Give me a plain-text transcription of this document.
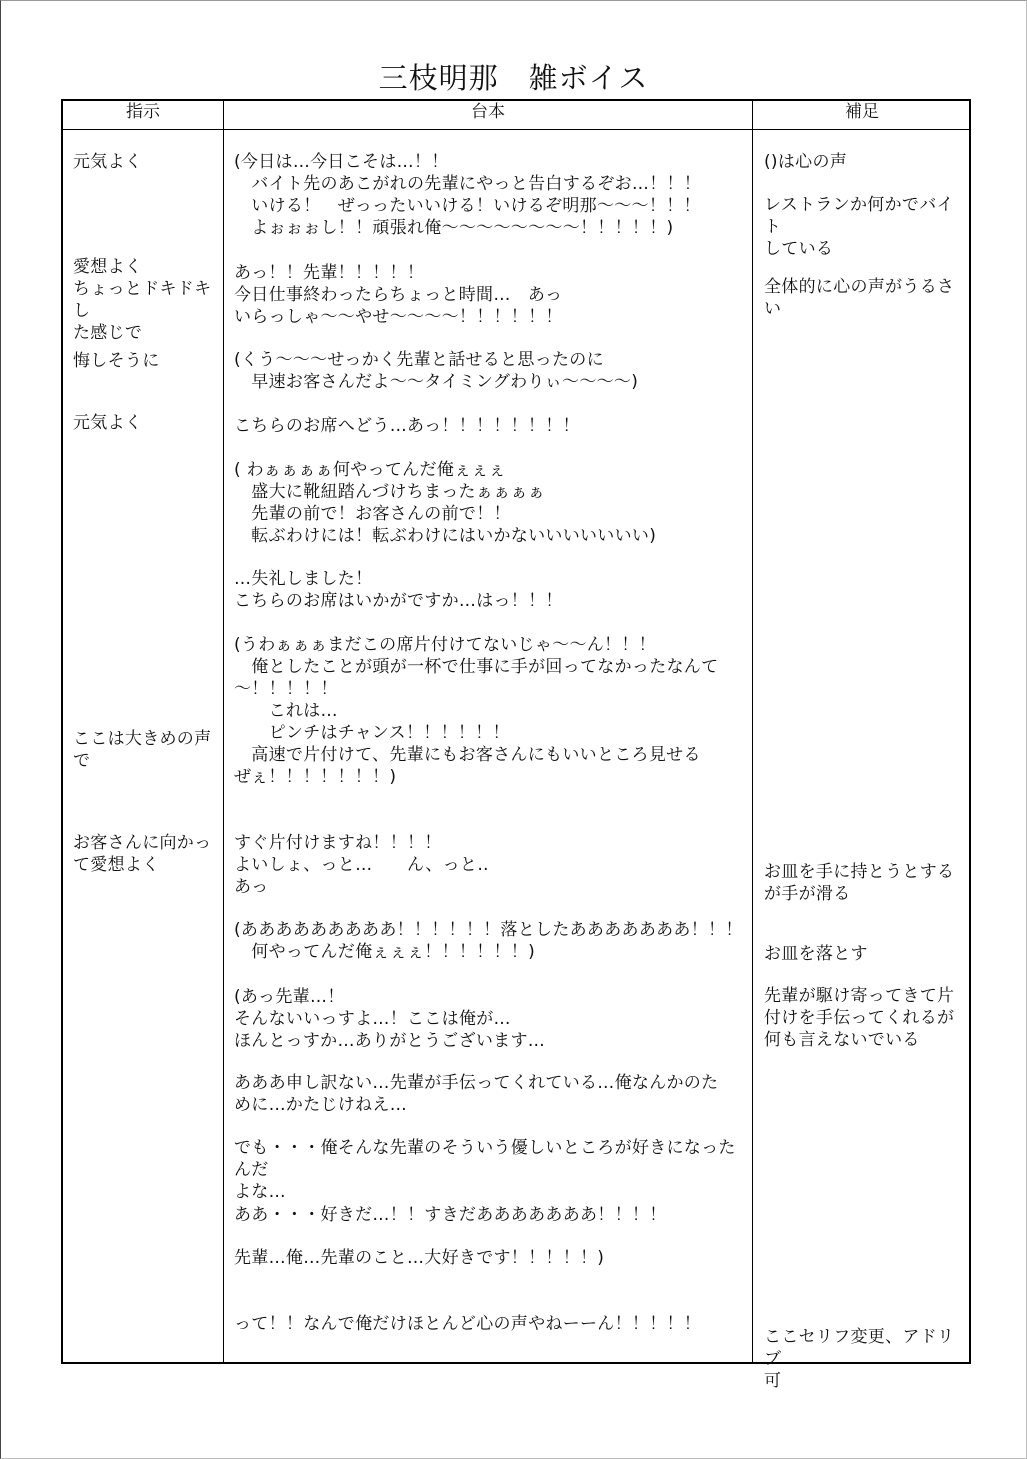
三枝明那　雑ボイス
指示	台本	補足
元気よく
愛想よく
ちょっとドキドキし
た感じで
悔しそうに
元気よく
ここは大きめの声
で
お客さんに向かっ
て愛想よく
(今日は…今日こそは…！！
　バイト先のあこがれの先輩にやっと告白するぞお…！！！
　いける！　ぜっったいいける！いけるぞ明那〜〜〜！！！
　よぉぉぉし！！頑張れ俺〜〜〜〜〜〜〜〜！！！！！)
あっ！！先輩！！！！！
今日仕事終わったらちょっと時間…　あっ
いらっしゃ〜〜やせ〜〜〜〜！！！！！！
(くう〜〜〜せっかく先輩と話せると思ったのに
　早速お客さんだよ〜〜タイミングわりぃ〜〜〜〜)
こちらのお席へどう…あっ！！！！！！！！
( わぁぁぁぁ何やってんだ俺ぇぇぇ
　盛大に靴紐踏んづけちまったぁぁぁぁ
　先輩の前で！お客さんの前で！！
　転ぶわけには！転ぶわけにはいかないいいいいいい)
…失礼しました！
こちらのお席はいかがですか…はっ！！！
(うわぁぁぁまだこの席片付けてないじゃ〜〜ん！！！
　俺としたことが頭が一杯で仕事に手が回ってなかったなんて
〜！！！！！
　　これは…
　　ピンチはチャンス！！！！！！
　高速で片付けて、先輩にもお客さんにもいいところ見せる
ぜぇ！！！！！！！)
すぐ片付けますね！！！！
よいしょ、っと…　　ん、っと‥
あっ
(あああああああああ！！！！！！落としたあああああああ！！！
　何やってんだ俺ぇぇぇ！！！！！！)
(あっ先輩…！
そんないいっすよ…！ここは俺が…
ほんとっすか…ありがとうございます…
あああ申し訳ない…先輩が手伝ってくれている…俺なんかのた
めに…かたじけねえ…
でも・・・俺そんな先輩のそういう優しいところが好きになったんだ
よな…
ああ・・・好きだ…！！すきだあああああああ！！！！
先輩…俺…先輩のこと…大好きです！！！！！)
って！！なんで俺だけほとんど心の声やねーーん！！！！！
()は心の声
レストランか何かでバイト
している
全体的に心の声がうるさ
い
お皿を手に持とうとする
が手が滑る
お皿を落とす
先輩が駆け寄ってきて片
付けを手伝ってくれるが
何も言えないでいる
ここセリフ変更、アドリブ
可
